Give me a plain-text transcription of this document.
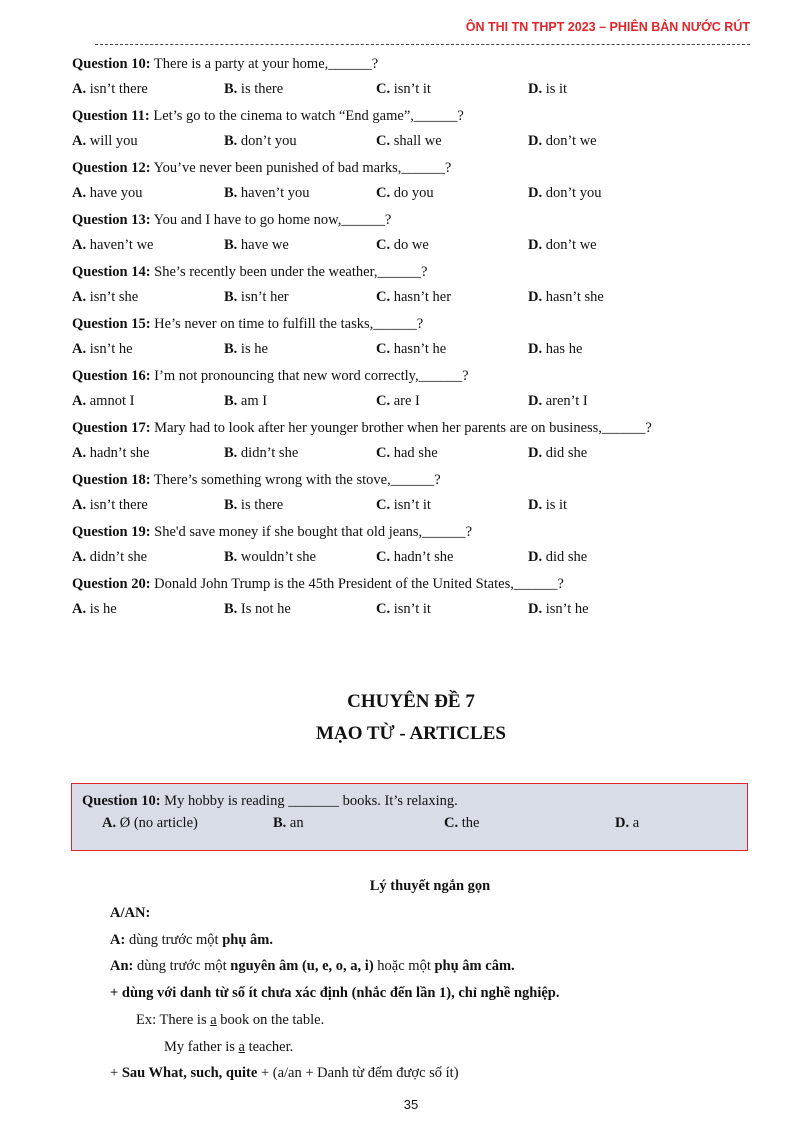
ÔN THI TN THPT 2023 – PHIÊN BẢN NƯỚC RÚT
Question 10: There is a party at your home,______?
A. isn’t there	B. is there	C. isn’t it	D. is it
Question 11: Let’s go to the cinema to watch “End game”,______?
A. will you	B. don’t you	C. shall we	D. don’t we
Question 12: You’ve never been punished of bad marks,______?
A. have you	B. haven’t you	C. do you	D. don’t you
Question 13: You and I have to go home now,______?
A. haven’t we	B. have we	C. do we	D. don’t we
Question 14: She’s recently been under the weather,______?
A. isn’t she	B. isn’t her	C. hasn’t her	D. hasn’t she
Question 15: He’s never on time to fulfill the tasks,______?
A. isn’t he	B. is he	C. hasn’t he	D. has he
Question 16: I’m not pronouncing that new word correctly,______?
A. amnot I	B. am I	C. are I	D. aren’t I
Question 17: Mary had to look after her younger brother when her parents are on business,______?
A. hadn’t she	B. didn’t she	C. had she	D. did she
Question 18: There’s something wrong with the stove,______?
A. isn’t there	B. is there	C. isn’t it	D. is it
Question 19: She'd save money if she bought that old jeans,______?
A. didn’t she	B. wouldn’t she	C. hadn’t she	D. did she
Question 20: Donald John Trump is the 45th President of the United States,______?
A. is he	B. Is not he	C. isn’t it	D. isn’t he
CHUYÊN ĐỀ 7
MẠO TỪ - ARTICLES
Question 10: My hobby is reading _______ books. It’s relaxing.
A. Ø (no article)	B. an	C. the	D. a
Lý thuyết ngắn gọn
A/AN:
A: dùng trước một phụ âm.
An: dùng trước một nguyên âm (u, e, o, a, i) hoặc một phụ âm câm.
+ dùng với danh từ số ít chưa xác định (nhắc đến lần 1), chỉ nghề nghiệp.
Ex: There is a book on the table.
My father is a teacher.
+ Sau What, such, quite + (a/an + Danh từ đếm được số ít)
35
